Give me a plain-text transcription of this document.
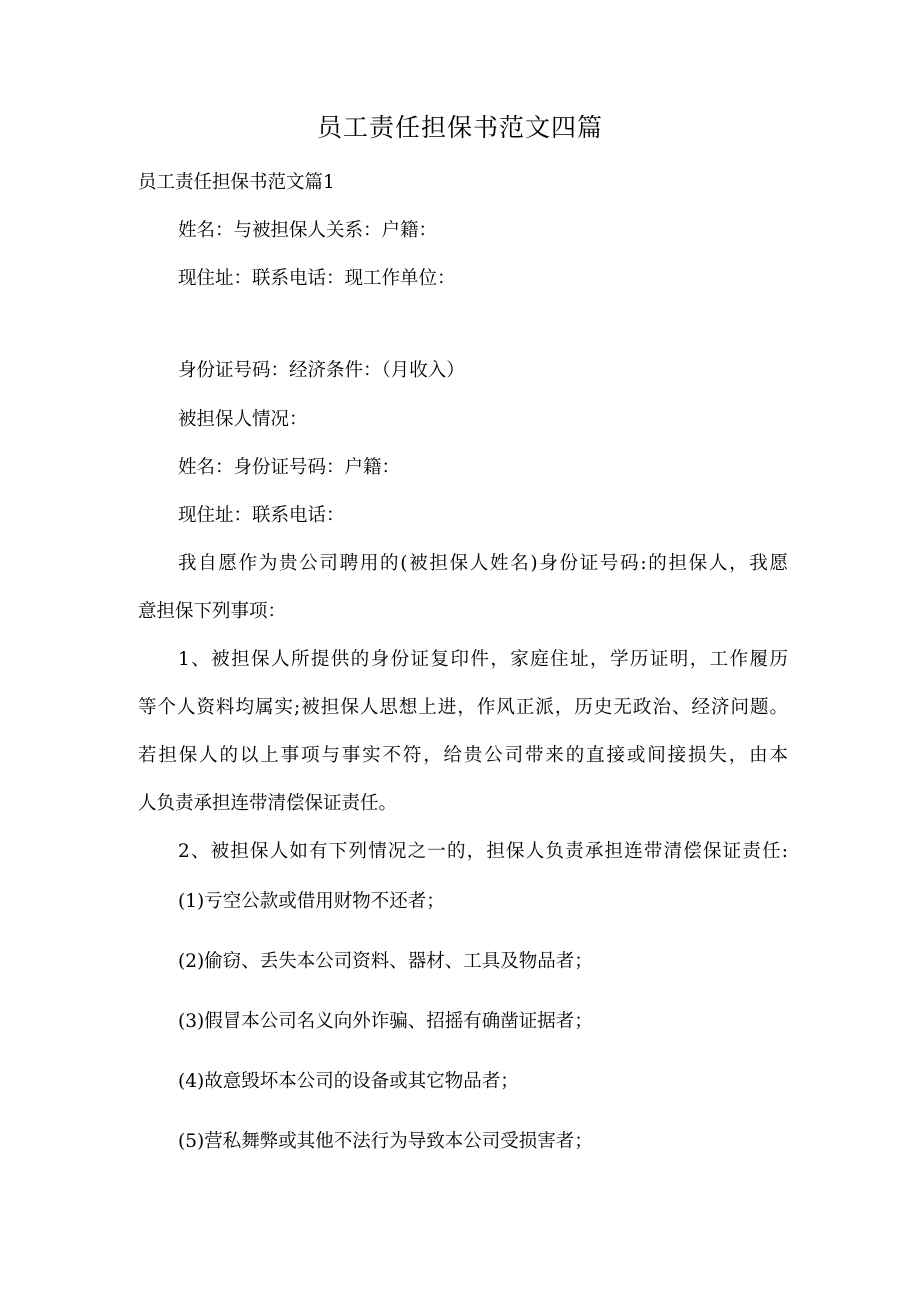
员工责任担保书范文四篇

员工责任担保书范文篇1

姓名：与被担保人关系：户籍：

现住址：联系电话：现工作单位：

身份证号码：经济条件：（月收入）

被担保人情况：

姓名：身份证号码：户籍：

现住址：联系电话：

我自愿作为贵公司聘用的(被担保人姓名)身份证号码:的担保人，我愿

意担保下列事项：

1、被担保人所提供的身份证复印件，家庭住址，学历证明，工作履历

等个人资料均属实;被担保人思想上进，作风正派，历史无政治、经济问题。

若担保人的以上事项与事实不符，给贵公司带来的直接或间接损失，由本

人负责承担连带清偿保证责任。

2、被担保人如有下列情况之一的，担保人负责承担连带清偿保证责任:

(1)亏空公款或借用财物不还者；

(2)偷窃、丢失本公司资料、器材、工具及物品者；

(3)假冒本公司名义向外诈骗、招摇有确凿证据者；

(4)故意毁坏本公司的设备或其它物品者；

(5)营私舞弊或其他不法行为导致本公司受损害者；
